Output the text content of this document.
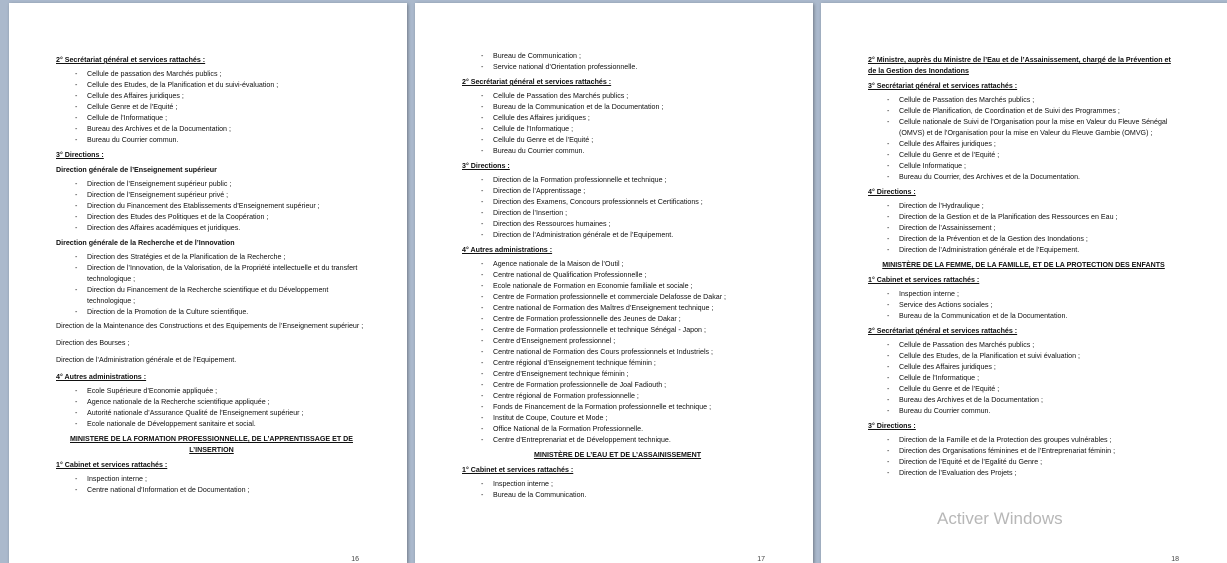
2° Secrétariat général et services rattachés :
- Cellule de passation des Marchés publics ;
- Cellule des Etudes, de la Planification et du suivi-évaluation ;
- Cellule des Affaires juridiques ;
- Cellule Genre et de l’Equité ;
- Cellule de l’Informatique ;
- Bureau des Archives et de la Documentation ;
- Bureau du Courrier commun.
3° Directions :
Direction générale de l’Enseignement supérieur
- Direction de l’Enseignement supérieur public ;
- Direction de l’Enseignement supérieur privé ;
- Direction du Financement des Etablissements d’Enseignement supérieur ;
- Direction des Etudes des Politiques et de la Coopération ;
- Direction des Affaires académiques et juridiques.
Direction générale de la Recherche et de l’Innovation
- Direction des Stratégies et de la Planification de la Recherche ;
- Direction de l’Innovation, de la Valorisation, de la Propriété intellectuelle et du transfert technologique ;
- Direction du Financement de la Recherche scientifique et du Développement technologique ;
- Direction de la Promotion de la Culture scientifique.

Direction de la Maintenance des Constructions et des Equipements de l’Enseignement supérieur ;

Direction des Bourses ;

Direction de l’Administration générale et de l’Equipement.

4° Autres administrations :
- Ecole Supérieure d’Economie appliquée ;
- Agence nationale de la Recherche scientifique appliquée ;
- Autorité nationale d’Assurance Qualité de l’Enseignement supérieur ;
- Ecole nationale de Développement sanitaire et social.
MINISTERE DE LA FORMATION PROFESSIONNELLE, DE L’APPRENTISSAGE ET DE L’INSERTION
1° Cabinet et services rattachés :
- Inspection interne ;
- Centre national d’Information et de Documentation ;
16
- Bureau de Communication ;
- Service national d’Orientation professionnelle.
2° Secrétariat général et services rattachés :
- Cellule de Passation des Marchés publics ;
- Bureau de la Communication et de la Documentation ;
- Cellule des Affaires juridiques ;
- Cellule de l’Informatique ;
- Cellule du Genre et de l’Equité ;
- Bureau du Courrier commun.
3° Directions :
- Direction de la Formation professionnelle et technique ;
- Direction de l’Apprentissage ;
- Direction des Examens, Concours professionnels et Certifications ;
- Direction de l’Insertion ;
- Direction des Ressources humaines ;
- Direction de l’Administration générale et de l’Equipement.
4° Autres administrations :
- Agence nationale de la Maison de l’Outil ;
- Centre national de Qualification Professionnelle ;
- Ecole nationale de Formation en Economie familiale et sociale ;
- Centre de Formation professionnelle et commerciale Delafosse de Dakar ;
- Centre national de Formation des Maîtres d’Enseignement technique ;
- Centre de Formation professionnelle des Jeunes de Dakar ;
- Centre de Formation professionnelle et technique Sénégal - Japon ;
- Centre d’Enseignement professionnel ;
- Centre national de Formation des Cours professionnels et Industriels ;
- Centre régional d’Enseignement technique féminin ;
- Centre d’Enseignement technique féminin ;
- Centre de Formation professionnelle de Joal Fadiouth ;
- Centre régional de Formation professionnelle ;
- Fonds de Financement de la Formation professionnelle et technique ;
- Institut de Coupe, Couture et Mode ;
- Office National de la Formation Professionnelle.
- Centre d’Entreprenariat et de Développement technique.
MINISTÈRE DE L’EAU ET DE L’ASSAINISSEMENT
1° Cabinet et services rattachés :
- Inspection interne ;
- Bureau de la Communication.
17
2° Ministre, auprès du Ministre de l’Eau et de l’Assainissement, chargé de la Prévention et de la Gestion des Inondations
3° Secrétariat général et services rattachés :
- Cellule de Passation des Marchés publics ;
- Cellule de Planification, de Coordination et de Suivi des Programmes ;
- Cellule nationale de Suivi de l’Organisation pour la mise en Valeur du Fleuve Sénégal (OMVS) et de l’Organisation pour la mise en Valeur du Fleuve Gambie (OMVG) ;
- Cellule des Affaires juridiques ;
- Cellule du Genre et de l’Equité ;
- Cellule Informatique ;
- Bureau du Courrier, des Archives et de la Documentation.
4° Directions :
- Direction de l’Hydraulique ;
- Direction de la Gestion et de la Planification des Ressources en Eau ;
- Direction de l’Assainissement ;
- Direction de la Prévention et de la Gestion des Inondations ;
- Direction de l’Administration générale et de l’Equipement.
MINISTÈRE DE LA FEMME, DE LA FAMILLE, ET DE LA PROTECTION DES ENFANTS
1° Cabinet et services rattachés :
- Inspection interne ;
- Service des Actions sociales ;
- Bureau de la Communication et de la Documentation.
2° Secrétariat général et services rattachés :
- Cellule de Passation des Marchés publics ;
- Cellule des Etudes, de la Planification et suivi évaluation ;
- Cellule des Affaires juridiques ;
- Cellule de l’Informatique ;
- Cellule du Genre et de l’Equité ;
- Bureau des Archives et de la Documentation ;
- Bureau du Courrier commun.
3° Directions :
- Direction de la Famille et de la Protection des groupes vulnérables ;
- Direction des Organisations féminines et de l’Entreprenariat féminin ;
- Direction de l’Equité et de l’Egalité du Genre ;
- Direction de l’Evaluation des Projets ;
18
Activer Windows
